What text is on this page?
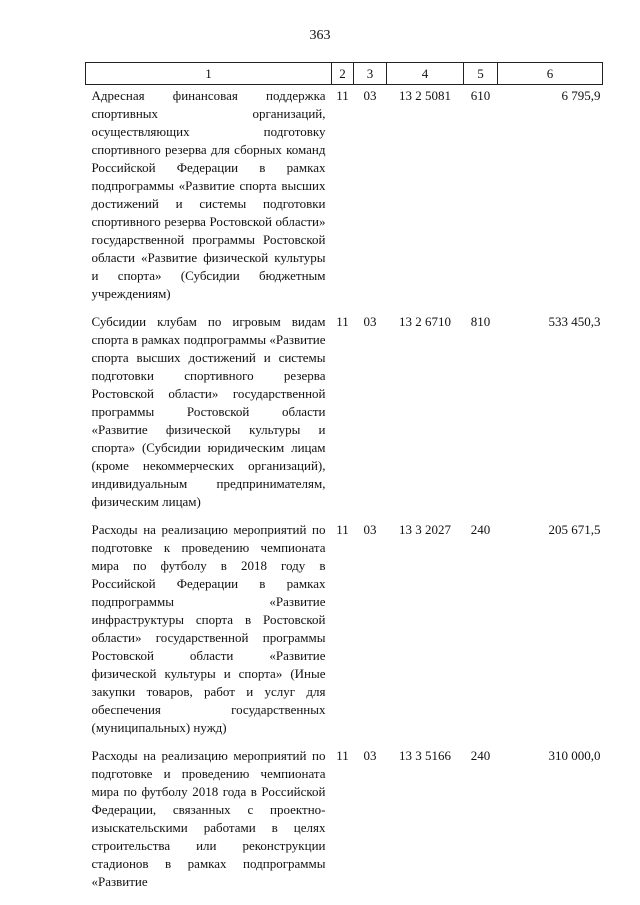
363
1	2	3	4	5	6
Адресная финансовая поддержка спортивных организаций, осуществляющих подготовку спортивного резерва для сборных команд Российской Федерации в рамках подпрограммы «Развитие спорта высших достижений и системы подготовки спортивного резерва Ростовской области» государственной программы Ростовской области «Развитие физической культуры и спорта» (Субсидии бюджетным учреждениям)	11	03	13 2 5081	610	6 795,9
Субсидии клубам по игровым видам спорта в рамках подпрограммы «Развитие спорта высших достижений и системы подготовки спортивного резерва Ростовской области» государственной программы Ростовской области «Развитие физической культуры и спорта» (Субсидии юридическим лицам (кроме некоммерческих организаций), индивидуальным предпринимателям, физическим лицам)	11	03	13 2 6710	810	533 450,3
Расходы на реализацию мероприятий по подготовке к проведению чемпионата мира по футболу в 2018 году в Российской Федерации в рамках подпрограммы «Развитие инфраструктуры спорта в Ростовской области» государственной программы Ростовской области «Развитие физической культуры и спорта» (Иные закупки товаров, работ и услуг для обеспечения государственных (муниципальных) нужд)	11	03	13 3 2027	240	205 671,5
Расходы на реализацию мероприятий по подготовке и проведению чемпионата мира по футболу 2018 года в Российской Федерации, связанных с проектно-изыскательскими работами в целях строительства или реконструкции стадионов в рамках подпрограммы «Развитие	11	03	13 3 5166	240	310 000,0
